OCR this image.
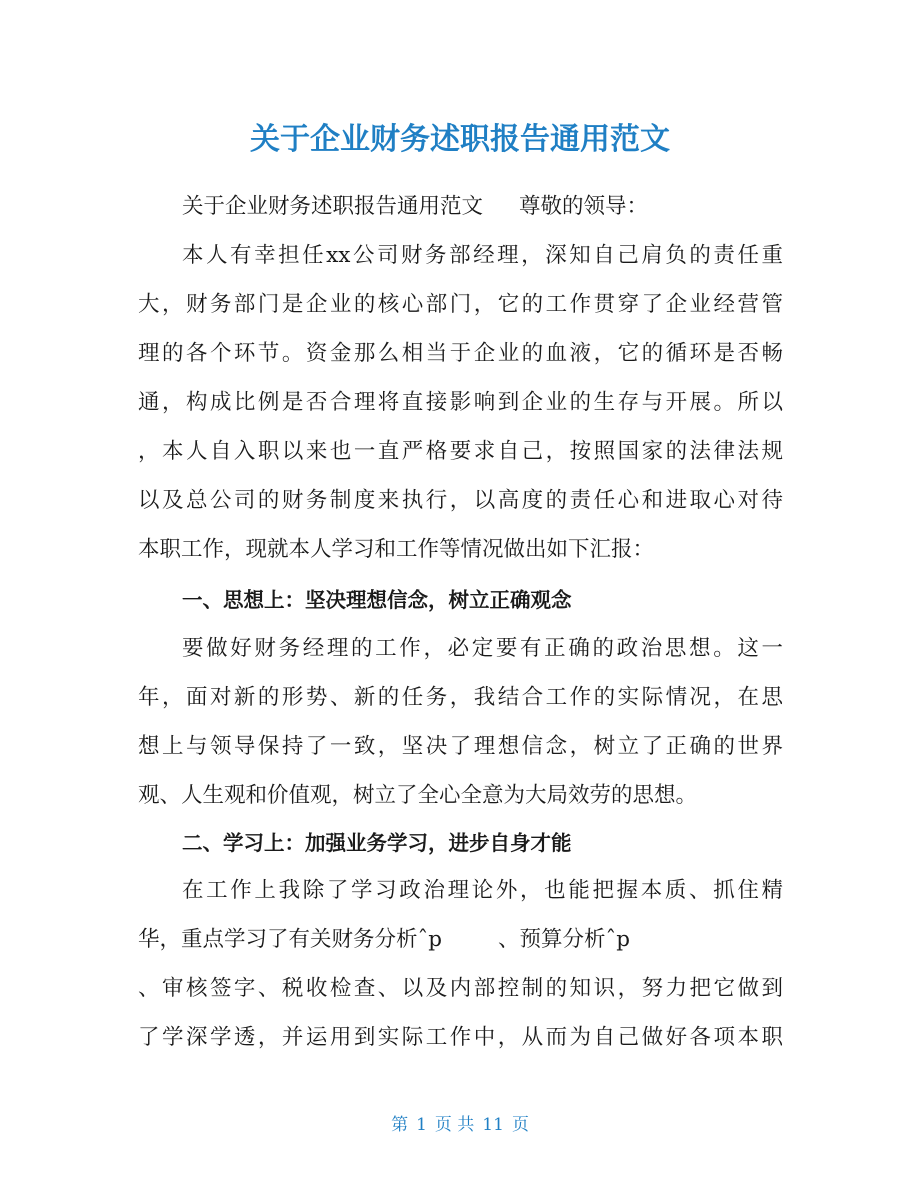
关于企业财务述职报告通用范文

关于企业财务述职报告通用范文 尊敬的领导：

本人有幸担任xx公司财务部经理，深知自己肩负的责任重

大，财务部门是企业的核心部门，它的工作贯穿了企业经营管

理的各个环节。资金那么相当于企业的血液，它的循环是否畅

通，构成比例是否合理将直接影响到企业的生存与开展。所以

，本人自入职以来也一直严格要求自己，按照国家的法律法规

以及总公司的财务制度来执行，以高度的责任心和进取心对待

本职工作，现就本人学习和工作等情况做出如下汇报：

一、思想上：坚决理想信念，树立正确观念

要做好财务经理的工作，必定要有正确的政治思想。这一

年，面对新的形势、新的任务，我结合工作的实际情况，在思

想上与领导保持了一致，坚决了理想信念，树立了正确的世界

观、人生观和价值观，树立了全心全意为大局效劳的思想。

二、学习上：加强业务学习，进步自身才能

在工作上我除了学习政治理论外，也能把握本质、抓住精

华，重点学习了有关财务分析ˆp	、预算分析ˆp

、审核签字、税收检查、以及内部控制的知识，努力把它做到

了学深学透，并运用到实际工作中，从而为自己做好各项本职

第 1 页 共 11 页
